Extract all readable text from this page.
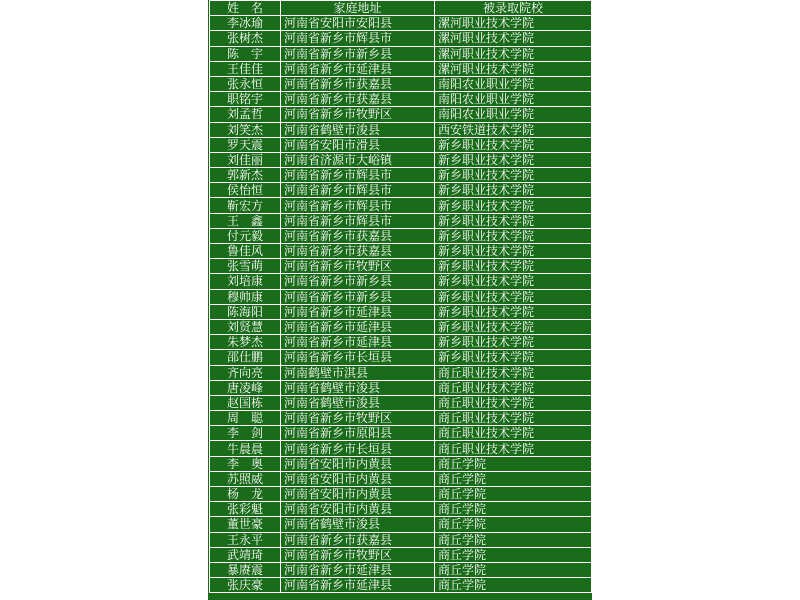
姓　名	家庭地址	被录取院校
李冰瑜	河南省安阳市安阳县	漯河职业技术学院
张树杰	河南省新乡市辉县市	漯河职业技术学院
陈　宇	河南省新乡市新乡县	漯河职业技术学院
王佳佳	河南省新乡市延津县	漯河职业技术学院
张永恒	河南省新乡市获嘉县	南阳农业职业学院
职铭宇	河南省新乡市获嘉县	南阳农业职业学院
刘孟哲	河南省新乡市牧野区	南阳农业职业学院
刘笑杰	河南省鹤壁市浚县	西安铁道技术学院
罗天震	河南省安阳市滑县	新乡职业技术学院
刘佳丽	河南省济源市大峪镇	新乡职业技术学院
郭新杰	河南省新乡市辉县市	新乡职业技术学院
侯怡恒	河南省新乡市辉县市	新乡职业技术学院
靳宏方	河南省新乡市辉县市	新乡职业技术学院
王　鑫	河南省新乡市辉县市	新乡职业技术学院
付元毅	河南省新乡市获嘉县	新乡职业技术学院
鲁佳风	河南省新乡市获嘉县	新乡职业技术学院
张雪萌	河南省新乡市牧野区	新乡职业技术学院
刘培康	河南省新乡市新乡县	新乡职业技术学院
穆帅康	河南省新乡市新乡县	新乡职业技术学院
陈海阳	河南省新乡市延津县	新乡职业技术学院
刘贤慧	河南省新乡市延津县	新乡职业技术学院
朱梦杰	河南省新乡市延津县	新乡职业技术学院
邵仕鹏	河南省新乡市长垣县	新乡职业技术学院
齐向亮	河南鹤壁市淇县	商丘职业技术学院
唐凌峰	河南省鹤壁市浚县	商丘职业技术学院
赵国栋	河南省鹤壁市浚县	商丘职业技术学院
周　聪	河南省新乡市牧野区	商丘职业技术学院
李　剑	河南省新乡市原阳县	商丘职业技术学院
牛晨晨	河南省新乡市长垣县	商丘职业技术学院
李　奥	河南省安阳市内黄县	商丘学院
苏照威	河南省安阳市内黄县	商丘学院
杨　龙	河南省安阳市内黄县	商丘学院
张彩魁	河南省安阳市内黄县	商丘学院
董世豪	河南省鹤壁市浚县	商丘学院
王永平	河南省新乡市获嘉县	商丘学院
武靖琦	河南省新乡市牧野区	商丘学院
暴赓震	河南省新乡市延津县	商丘学院
张庆豪	河南省新乡市延津县	商丘学院
